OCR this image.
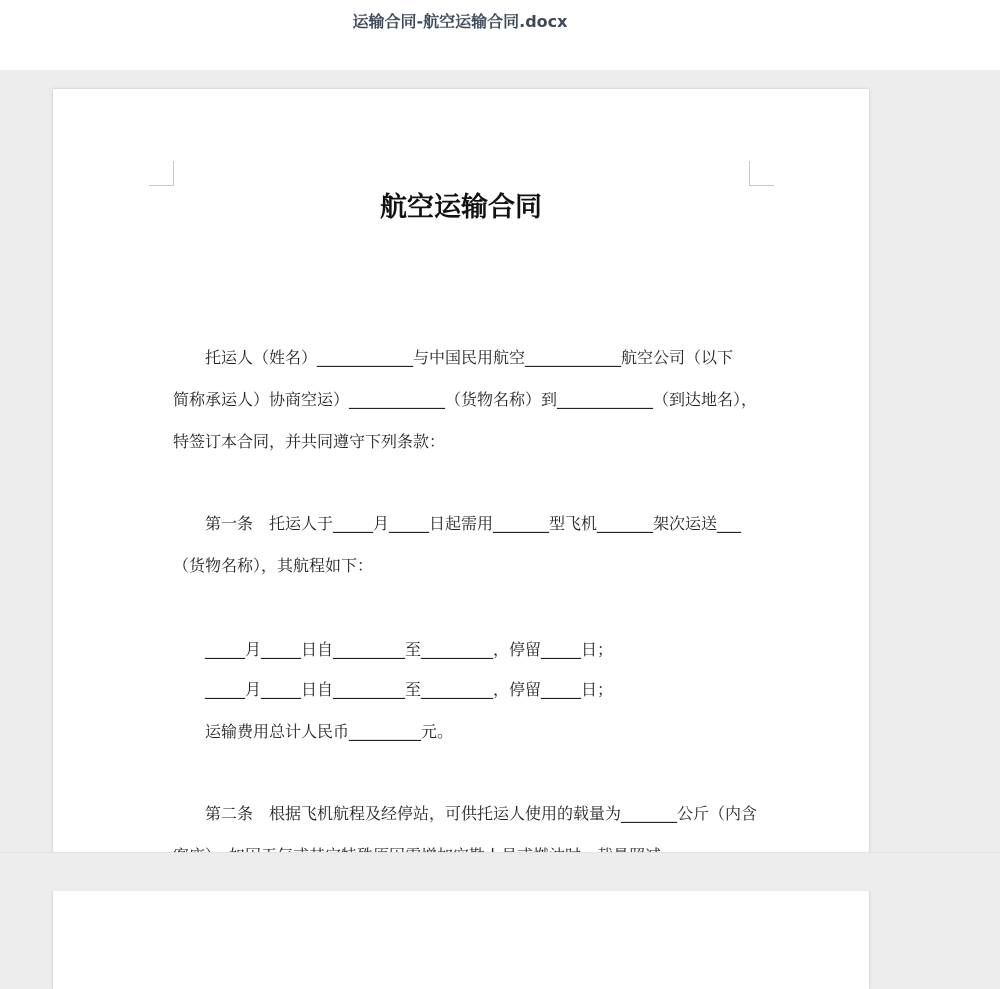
运输合同-航空运输合同.docx
航空运输合同
托运人（姓名）____________与中国民用航空____________航空公司（以下
简称承运人）协商空运）____________（货物名称）到____________（到达地名），
特签订本合同，并共同遵守下列条款：
第一条　托运人于_____月_____日起需用_______型飞机_______架次运送___
（货物名称），其航程如下：
_____月_____日自_________至_________，停留_____日；
_____月_____日自_________至_________，停留_____日；
运输费用总计人民币_________元。
第二条　根据飞机航程及经停站，可供托运人使用的载量为_______公斤（内含
